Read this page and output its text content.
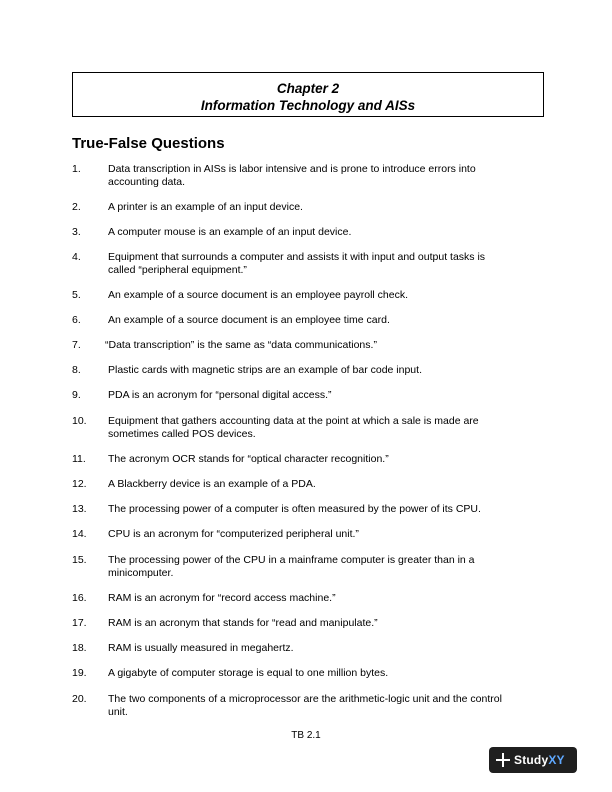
Chapter 2
Information Technology and AISs
True-False Questions
1.	Data transcription in AISs is labor intensive and is prone to introduce errors into accounting data.
2.	A printer is an example of an input device.
3.	A computer mouse is an example of an input device.
4.	Equipment that surrounds a computer and assists it with input and output tasks is called “peripheral equipment.”
5.	An example of a source document is an employee payroll check.
6.	An example of a source document is an employee time card.
7. “Data transcription” is the same as “data communications.”
8.	Plastic cards with magnetic strips are an example of bar code input.
9.	PDA is an acronym for “personal digital access.”
10. Equipment that gathers accounting data at the point at which a sale is made are sometimes called POS devices.
11. The acronym OCR stands for “optical character recognition.”
12. A Blackberry device is an example of a PDA.
13. The processing power of a computer is often measured by the power of its CPU.
14. CPU is an acronym for “computerized peripheral unit.”
15. The processing power of the CPU in a mainframe computer is greater than in a minicomputer.
16. RAM is an acronym for “record access machine.”
17. RAM is an acronym that stands for “read and manipulate.”
18. RAM is usually measured in megahertz.
19. A gigabyte of computer storage is equal to one million bytes.
20. The two components of a microprocessor are the arithmetic-logic unit and the control unit.
TB 2.1
StudyXY
